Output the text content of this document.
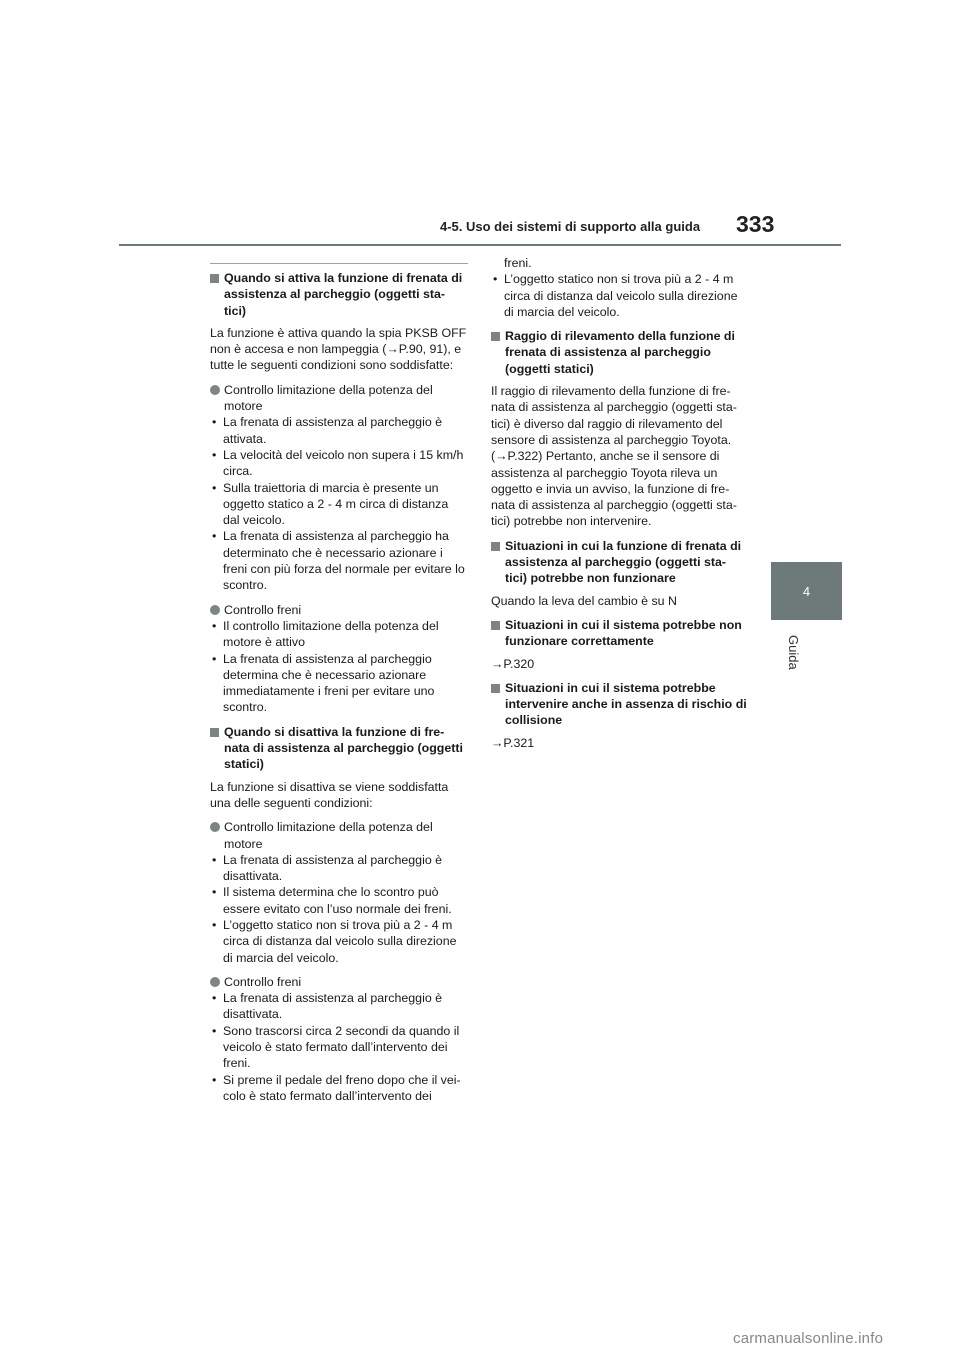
4-5. Uso dei sistemi di supporto alla guida 333
4
Guida
Quando si attiva la funzione di frenata di assistenza al parcheggio (oggetti sta- tici)

La funzione è attiva quando la spia PKSB OFF non è accesa e non lampeggia (→P.90, 91), e tutte le seguenti condizioni sono soddisfatte:

Controllo limitazione della potenza del motore
• La frenata di assistenza al parcheggio è attivata.
• La velocità del veicolo non supera i 15 km/h circa.
• Sulla traiettoria di marcia è presente un oggetto statico a 2 - 4 m circa di distanza dal veicolo.
• La frenata di assistenza al parcheggio ha determinato che è necessario azionare i freni con più forza del normale per evitare lo scontro.
Controllo freni
• Il controllo limitazione della potenza del motore è attivo
• La frenata di assistenza al parcheggio determina che è necessario azionare immediatamente i freni per evitare uno scontro.
Quando si disattiva la funzione di fre- nata di assistenza al parcheggio (oggetti statici)

La funzione si disattiva se viene soddisfatta una delle seguenti condizioni:

Controllo limitazione della potenza del motore
• La frenata di assistenza al parcheggio è disattivata.
• Il sistema determina che lo scontro può essere evitato con l’uso normale dei freni.
• L’oggetto statico non si trova più a 2 - 4 m circa di distanza dal veicolo sulla direzione di marcia del veicolo.
Controllo freni
• La frenata di assistenza al parcheggio è disattivata.
• Sono trascorsi circa 2 secondi da quando il veicolo è stato fermato dall’intervento dei freni.
• Si preme il pedale del freno dopo che il vei- colo è stato fermato dall’intervento dei
freni.
• L’oggetto statico non si trova più a 2 - 4 m circa di distanza dal veicolo sulla direzione di marcia del veicolo.
Raggio di rilevamento della funzione di frenata di assistenza al parcheggio (oggetti statici)

Il raggio di rilevamento della funzione di fre- nata di assistenza al parcheggio (oggetti sta- tici) è diverso dal raggio di rilevamento del sensore di assistenza al parcheggio Toyota. (→P.322) Pertanto, anche se il sensore di assistenza al parcheggio Toyota rileva un oggetto e invia un avviso, la funzione di fre- nata di assistenza al parcheggio (oggetti sta- tici) potrebbe non intervenire.

Situazioni in cui la funzione di frenata di assistenza al parcheggio (oggetti sta- tici) potrebbe non funzionare

Quando la leva del cambio è su N

Situazioni in cui il sistema potrebbe non funzionare correttamente

→P.320

Situazioni in cui il sistema potrebbe intervenire anche in assenza di rischio di collisione

→P.321

carmanualsonline.info
